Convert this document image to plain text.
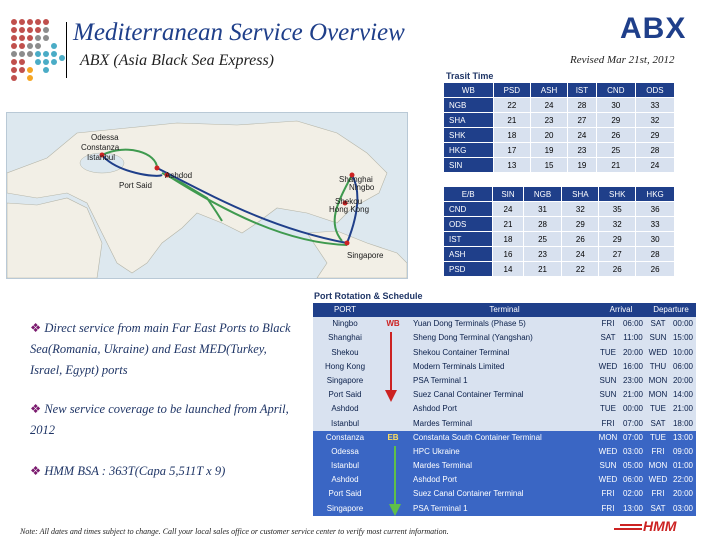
Mediterranean Service Overview
ABX (Asia Black Sea Express)
ABX
Revised Mar 21st, 2012
Odessa
Constanza
Istanbul
Ashdod
Port Said
Shanghai
Ningbo
Shekou
Hong Kong
Singapore
Trasit Time
WB	PSD	ASH	IST	CND	ODS
NGB	22	24	28	30	33
SHA	21	23	27	29	32
SHK	18	20	24	26	29
HKG	17	19	23	25	28
SIN	13	15	19	21	24
E/B	SIN	NGB	SHA	SHK	HKG
CND	24	31	32	35	36
ODS	21	28	29	32	33
IST	18	25	26	29	30
ASH	16	23	24	27	28
PSD	14	21	22	26	26
Port Rotation & Schedule
PORT	Terminal	Arrival	Departure
Ningbo	WB	Yuan Dong Terminals (Phase 5)	FRI	06:00 SAT 00:00
Shanghai	Sheng Dong Terminal (Yangshan)	SAT 11:00 SUN 15:00
Shekou	Shekou Container Terminal	TUE 20:00 WED 10:00
Hong Kong	Modern Terminals Limited	WED 16:00 THU 06:00
Singapore	PSA Terminal 1	SUN 23:00 MON 20:00
Port Said	Suez Canal Container Terminal	SUN 21:00 MON 14:00
Ashdod	Ashdod Port	TUE 00:00 TUE 21:00
Istanbul	Mardes Terminal	FRI	07:00 SAT 18:00
Constanza	EB	Constanta South Container Terminal	MON 07:00 TUE 13:00
Odessa	HPC Ukraine	WED 03:00	FRI	09:00
Istanbul	Mardes Terminal	SUN 05:00 MON 01:00
Ashdod	Ashdod Port	WED 06:00 WED 22:00
Port Said	Suez Canal Container Terminal	FRI	02:00	FRI	20:00
Singapore	PSA Terminal 1	FRI	13:00 SAT 03:00
❖ Direct service from main Far East Ports to Black Sea(Romania, Ukraine) and East MED(Turkey, Israel, Egypt) ports
❖ New service coverage to be launched from April, 2012
❖ HMM BSA : 363T(Capa 5,511T x 9)
Note: All dates and times subject to change. Call your local sales office or customer service center to verify most current information.	HMM
